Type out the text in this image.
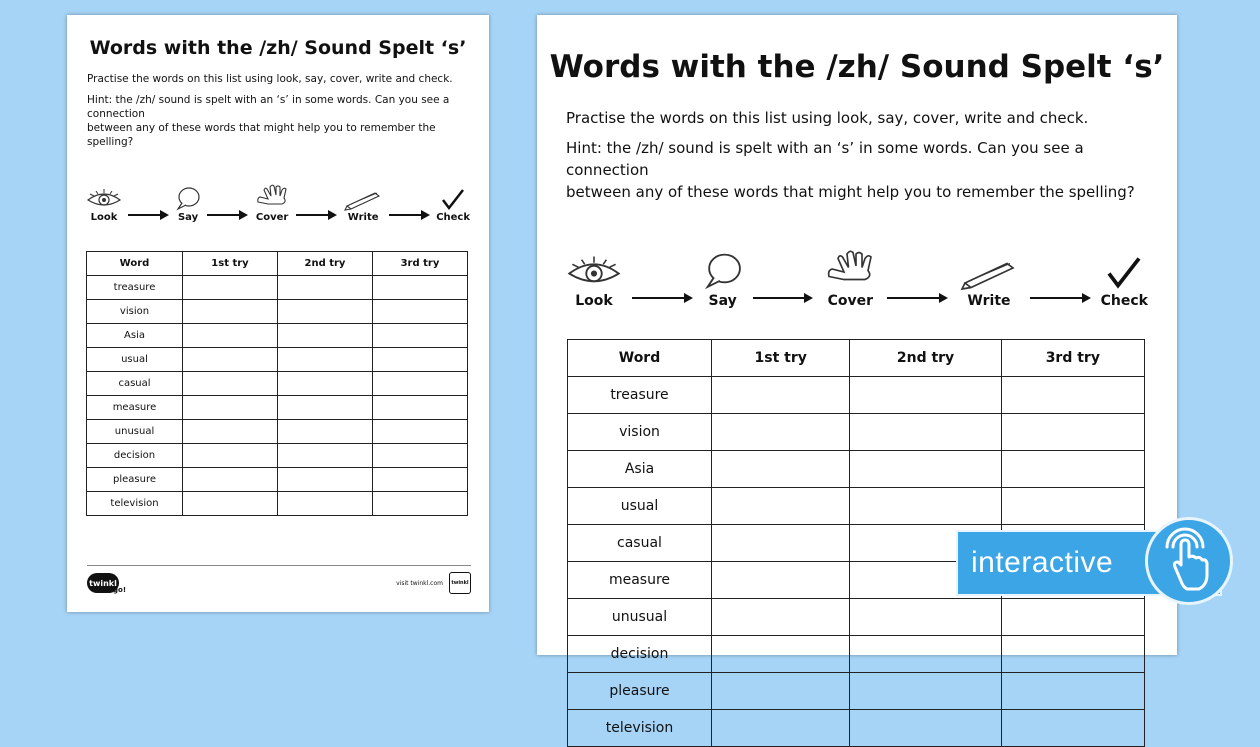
Words with the /zh/ Sound Spelt ‘s’
Practise the words on this list using look, say, cover, write and check.
Hint: the /zh/ sound is spelt with an ‘s’ in some words. Can you see a connection
between any of these words that might help you to remember the spelling?
Look	Say	Cover	Write	Check
Word	1st try	2nd try	3rd try
treasure			
vision			
Asia			
usual			
casual			
measure			
unusual			
decision			
pleasure			
television			
twinkl
go!
visit twinkl.com	twinkl
Words with the /zh/ Sound Spelt ‘s’
Practise the words on this list using look, say, cover, write and check.
Hint: the /zh/ sound is spelt with an ‘s’ in some words. Can you see a connection
between any of these words that might help you to remember the spelling?
Look	Say	Cover	Write	Check
Word	1st try	2nd try	3rd try
treasure			
vision			
Asia			
usual			
casual			
measure			
unusual			
decision			
pleasure			
television			
interactive
